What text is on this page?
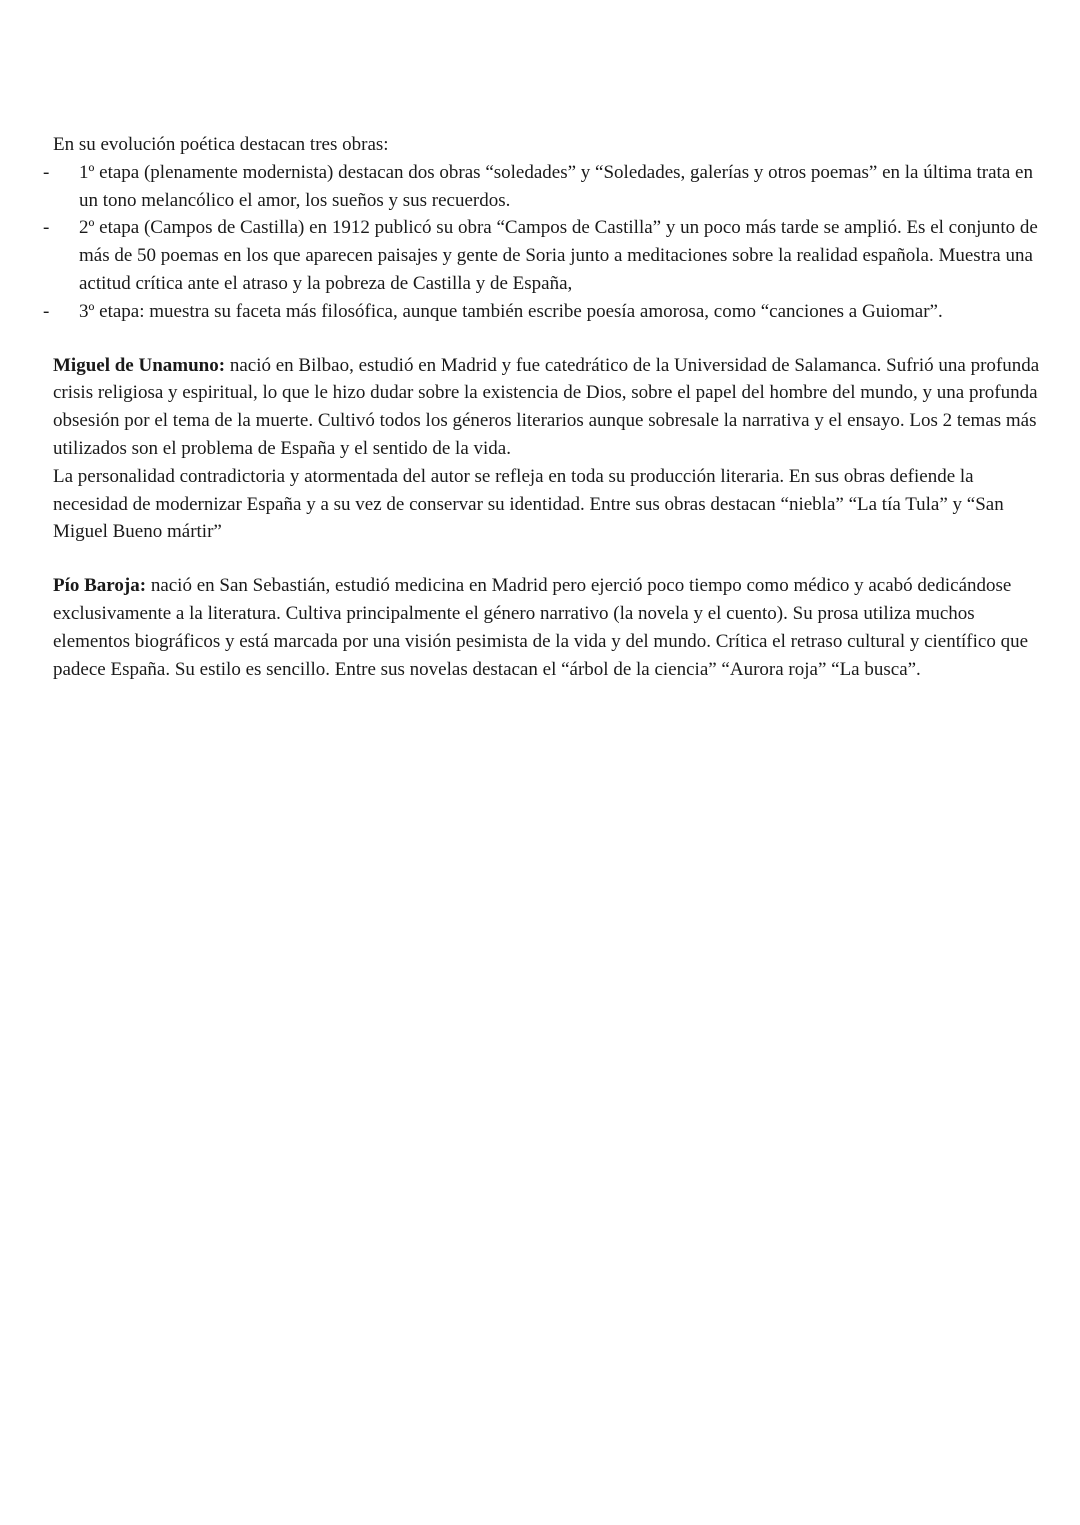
En su evolución poética destacan tres obras:

- 1º etapa (plenamente modernista) destacan dos obras “soledades” y “Soledades, galerías y otros poemas” en la última trata en un tono melancólico el amor, los sueños y sus recuerdos.
- 2º etapa (Campos de Castilla) en 1912 publicó su obra “Campos de Castilla” y un poco más tarde se amplió. Es el conjunto de más de 50 poemas en los que aparecen paisajes y gente de Soria junto a meditaciones sobre la realidad española. Muestra una actitud crítica ante el atraso y la pobreza de Castilla y de España,
- 3º etapa: muestra su faceta más filosófica, aunque también escribe poesía amorosa, como “canciones a Guiomar”.

Miguel de Unamuno: nació en Bilbao, estudió en Madrid y fue catedrático de la Universidad de Salamanca. Sufrió una profunda crisis religiosa y espiritual, lo que le hizo dudar sobre la existencia de Dios, sobre el papel del hombre del mundo, y una profunda obsesión por el tema de la muerte. Cultivó todos los géneros literarios aunque sobresale la narrativa y el ensayo. Los 2 temas más utilizados son el problema de España y el sentido de la vida.

La personalidad contradictoria y atormentada del autor se refleja en toda su producción literaria. En sus obras defiende la necesidad de modernizar España y a su vez de conservar su identidad. Entre sus obras destacan “niebla” “La tía Tula” y “San Miguel Bueno mártir”

Pío Baroja: nació en San Sebastián, estudió medicina en Madrid pero ejerció poco tiempo como médico y acabó dedicándose exclusivamente a la literatura. Cultiva principalmente el género narrativo (la novela y el cuento). Su prosa utiliza muchos elementos biográficos y está marcada por una visión pesimista de la vida y del mundo. Crítica el retraso cultural y científico que padece España. Su estilo es sencillo. Entre sus novelas destacan el “árbol de la ciencia” “Aurora roja” “La busca”.
